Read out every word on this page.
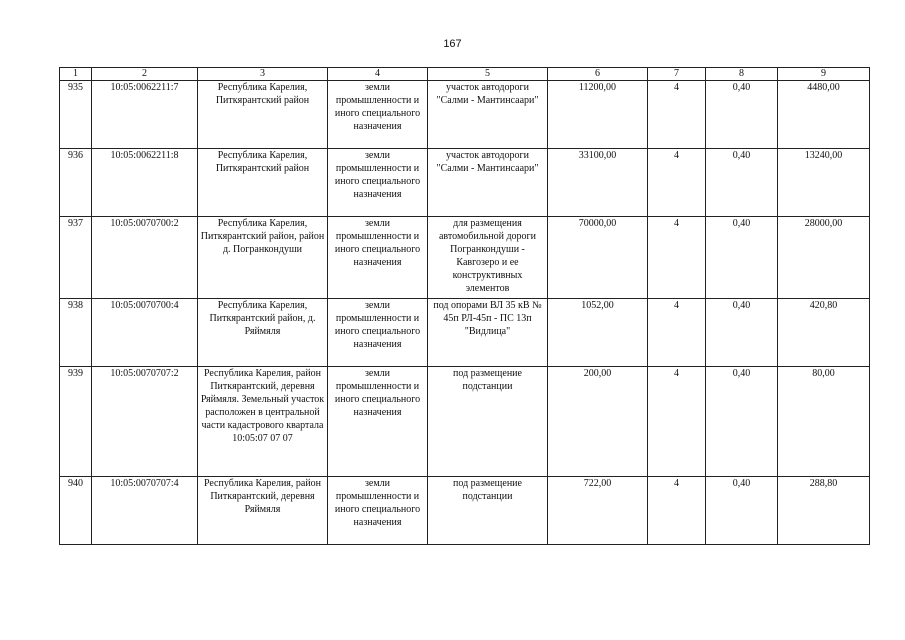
167
1	2	3	4	5	6	7	8	9
935	10:05:0062211:7	Республика Карелия, Питкярантский район	земли промышленности и иного специального назначения	участок автодороги "Салми - Мантинсаари"	11200,00	4	0,40	4480,00
936	10:05:0062211:8	Республика Карелия, Питкярантский район	земли промышленности и иного специального назначения	участок автодороги "Салми - Мантинсаари"	33100,00	4	0,40	13240,00
937	10:05:0070700:2	Республика Карелия, Питкярантский район, район д. Погранкондуши	земли промышленности и иного специального назначения	для размещения автомобильной дороги Погранкондуши - Кавгозеро и ее конструктивных элементов	70000,00	4	0,40	28000,00
938	10:05:0070700:4	Республика Карелия, Питкярантский район, д. Ряймяля	земли промышленности и иного специального назначения	под опорами ВЛ 35 кВ № 45п РЛ-45п - ПС 13п "Видлица"	1052,00	4	0,40	420,80
939	10:05:0070707:2	Республика Карелия, район Питкярантский, деревня Ряймяля. Земельный участок расположен в центральной части кадастрового квартала 10:05:07 07 07	земли промышленности и иного специального назначения	под размещение подстанции	200,00	4	0,40	80,00
940	10:05:0070707:4	Республика Карелия, район Питкярантский, деревня Ряймяля	земли промышленности и иного специального назначения	под размещение подстанции	722,00	4	0,40	288,80
